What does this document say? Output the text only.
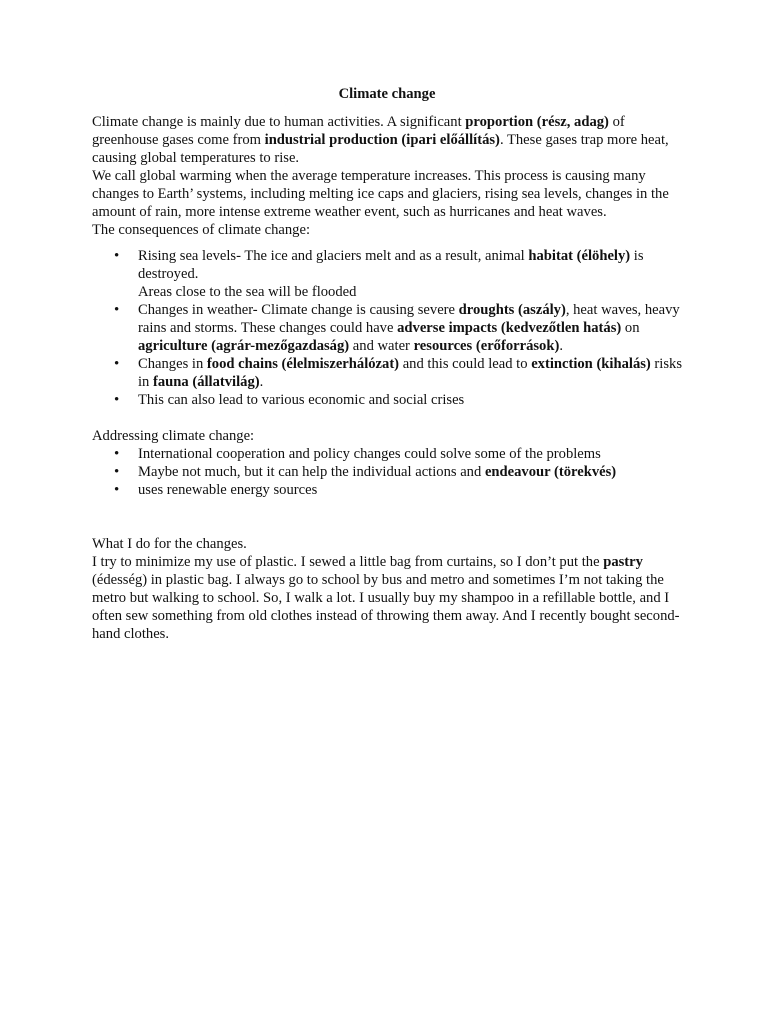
Climate change

Climate change is mainly due to human activities. A significant proportion (rész, adag) of greenhouse gases come from industrial production (ipari előállítás). These gases trap more heat, causing global temperatures to rise.

We call global warming when the average temperature increases. This process is causing many changes to Earth’ systems, including melting ice caps and glaciers, rising sea levels, changes in the amount of rain, more intense extreme weather event, such as hurricanes and heat waves.

The consequences of climate change:

• Rising sea levels- The ice and glaciers melt and as a result, animal habitat (élöhely) is destroyed.
Areas close to the sea will be flooded
• Changes in weather- Climate change is causing severe droughts (aszály), heat waves, heavy rains and storms. These changes could have adverse impacts (kedvezőtlen hatás) on agriculture (agrár-mezőgazdaság) and water resources (erőforrások).
• Changes in food chains (élelmiszerhálózat) and this could lead to extinction (kihalás) risks in fauna (állatvilág).
• This can also lead to various economic and social crises

Addressing climate change:

• International cooperation and policy changes could solve some of the problems
• Maybe not much, but it can help the individual actions and endeavour (törekvés)
• uses renewable energy sources

What I do for the changes.

I try to minimize my use of plastic. I sewed a little bag from curtains, so I don’t put the pastry (édesség) in plastic bag. I always go to school by bus and metro and sometimes I’m not taking the metro but walking to school. So, I walk a lot. I usually buy my shampoo in a refillable bottle, and I often sew something from old clothes instead of throwing them away. And I recently bought second-hand clothes.
